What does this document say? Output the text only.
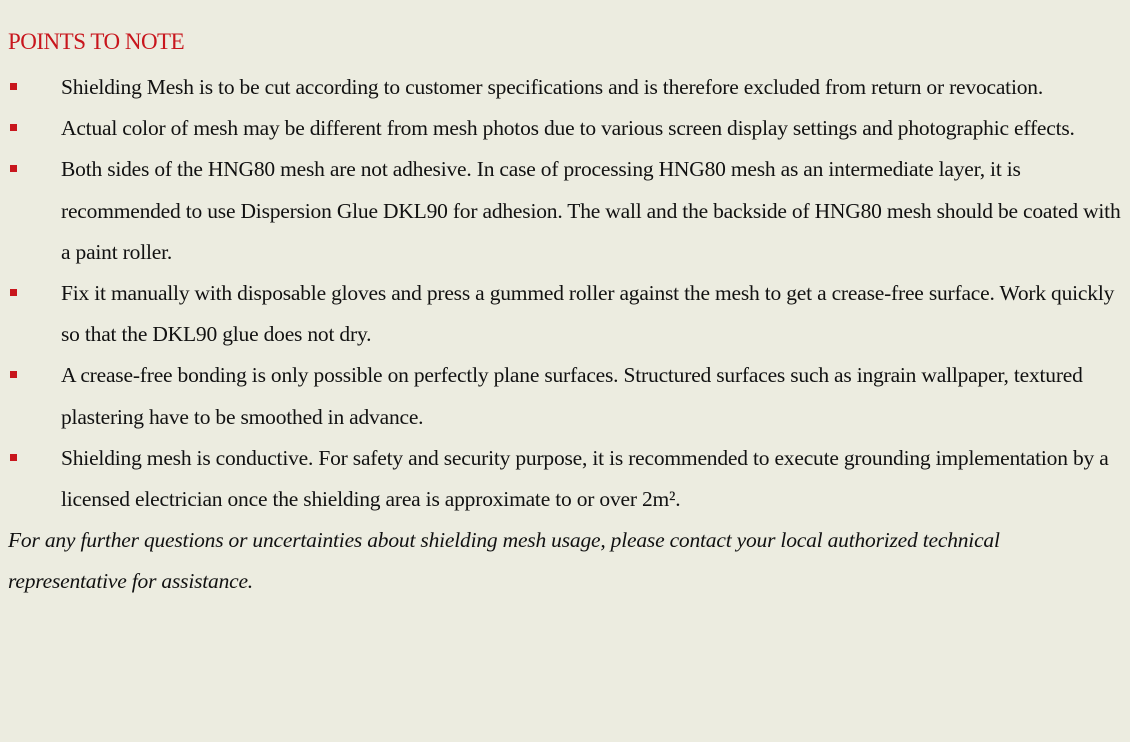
POINTS TO NOTE
Shielding Mesh is to be cut according to customer specifications and is therefore excluded from return or revocation.
Actual color of mesh may be different from mesh photos due to various screen display settings and photographic effects.
Both sides of the HNG80 mesh are not adhesive. In case of processing HNG80 mesh as an intermediate layer, it is recommended to use Dispersion Glue DKL90 for adhesion. The wall and the backside of HNG80 mesh should be coated with a paint roller.
Fix it manually with disposable gloves and press a gummed roller against the mesh to get a crease-free surface. Work quickly so that the DKL90 glue does not dry.
A crease-free bonding is only possible on perfectly plane surfaces. Structured surfaces such as ingrain wallpaper, textured plastering have to be smoothed in advance.
Shielding mesh is conductive. For safety and security purpose, it is recommended to execute grounding implementation by a licensed electrician once the shielding area is approximate to or over 2m².

For any further questions or uncertainties about shielding mesh usage, please contact your local authorized technical representative for assistance.
